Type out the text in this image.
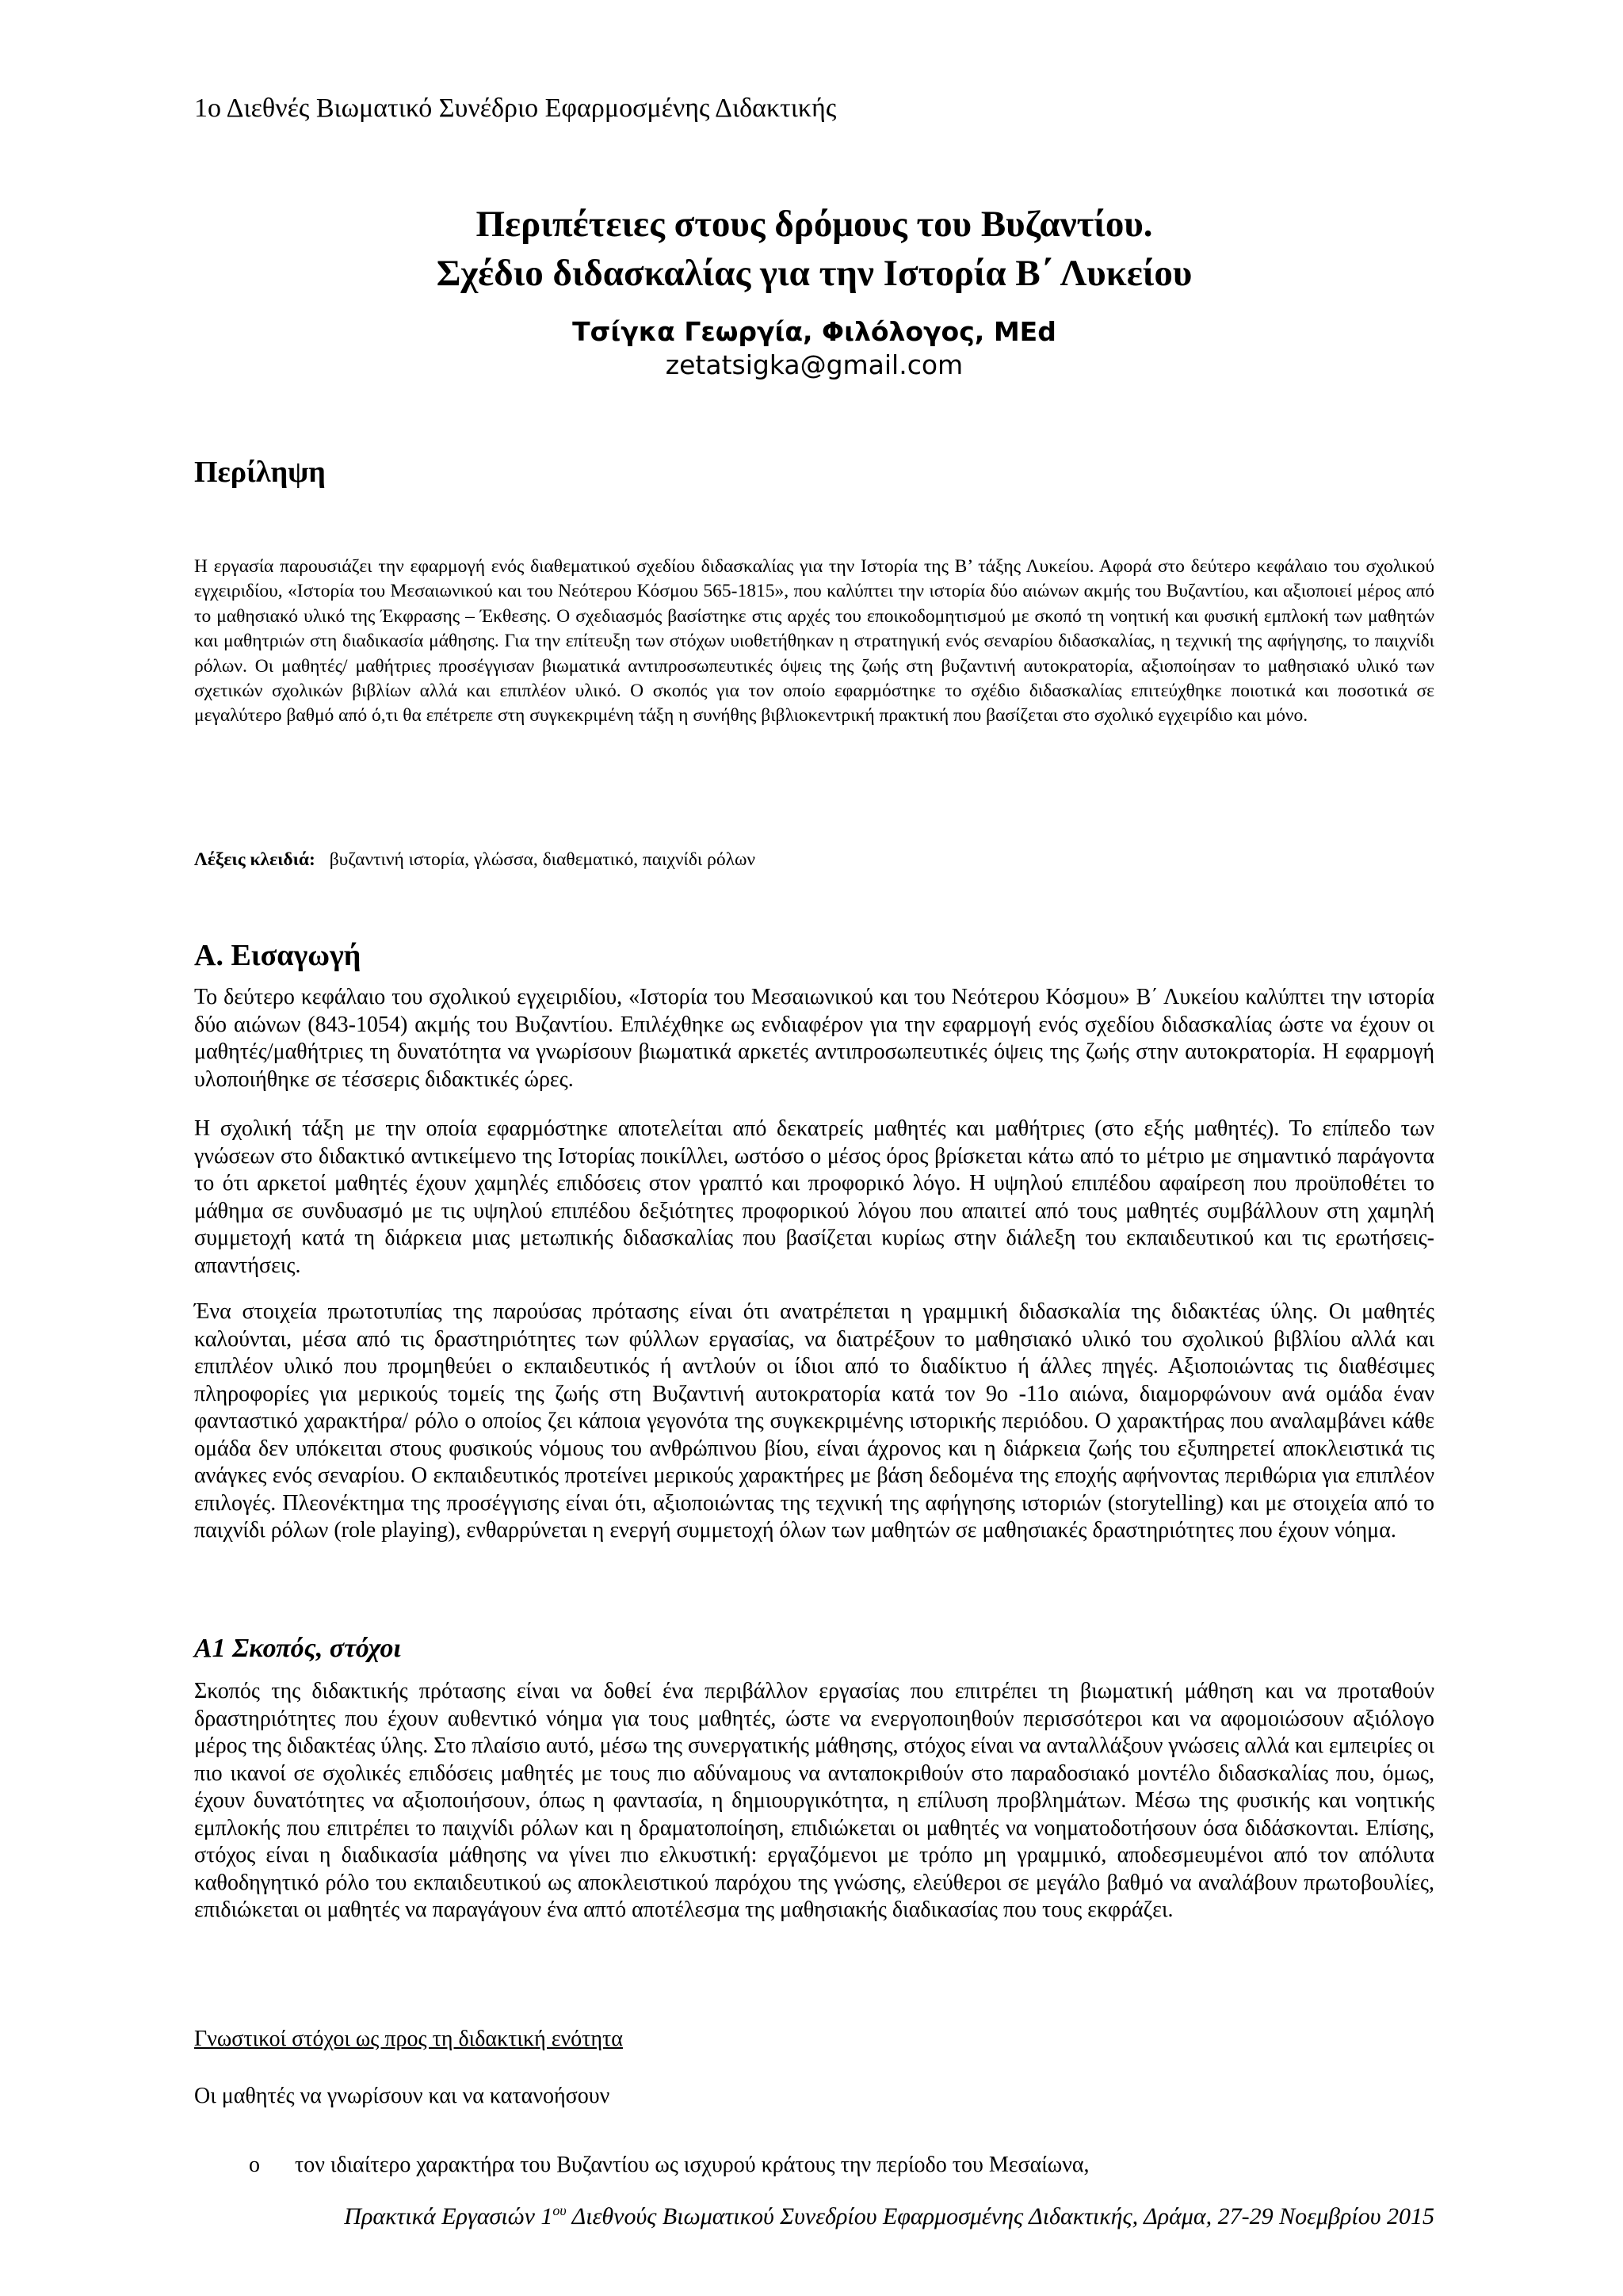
1ο Διεθνές Βιωματικό Συνέδριο Εφαρμοσμένης Διδακτικής
Περιπέτειες στους δρόμους του Βυζαντίου.
Σχέδιο διδασκαλίας για την Ιστορία Β΄ Λυκείου
Τσίγκα Γεωργία, Φιλόλογος, MEd
zetatsigka@gmail.com
Περίληψη

Η εργασία παρουσιάζει την εφαρμογή ενός διαθεματικού σχεδίου διδασκαλίας για την Ιστορία της Β’ τάξης Λυκείου. Αφορά στο δεύτερο κεφάλαιο του σχολικού εγχειριδίου, «Ιστορία του Μεσαιωνικού και του Νεότερου Κόσμου 565-1815», που καλύπτει την ιστορία δύο αιώνων ακμής του Βυζαντίου, και αξιοποιεί μέρος από το μαθησιακό υλικό της Έκφρασης – Έκθεσης. Ο σχεδιασμός βασίστηκε στις αρχές του εποικοδομητισμού με σκοπό τη νοητική και φυσική εμπλοκή των μαθητών και μαθητριών στη διαδικασία μάθησης. Για την επίτευξη των στόχων υιοθετήθηκαν η στρατηγική ενός σεναρίου διδασκαλίας, η τεχνική της αφήγησης, το παιχνίδι ρόλων. Οι μαθητές/ μαθήτριες προσέγγισαν βιωματικά αντιπροσωπευτικές όψεις της ζωής στη βυζαντινή αυτοκρατορία, αξιοποίησαν το μαθησιακό υλικό των σχετικών σχολικών βιβλίων αλλά και επιπλέον υλικό. Ο σκοπός για τον οποίο εφαρμόστηκε το σχέδιο διδασκαλίας επιτεύχθηκε ποιοτικά και ποσοτικά σε μεγαλύτερο βαθμό από ό,τι θα επέτρεπε στη συγκεκριμένη τάξη η συνήθης βιβλιοκεντρική πρακτική που βασίζεται στο σχολικό εγχειρίδιο και μόνο.

Λέξεις κλειδιά: βυζαντινή ιστορία, γλώσσα, διαθεματικό, παιχνίδι ρόλων
Α. Εισαγωγή

Το δεύτερο κεφάλαιο του σχολικού εγχειριδίου, «Ιστορία του Μεσαιωνικού και του Νεότερου Κόσμου» Β΄ Λυκείου καλύπτει την ιστορία δύο αιώνων (843-1054) ακμής του Βυζαντίου. Επιλέχθηκε ως ενδιαφέρον για την εφαρμογή ενός σχεδίου διδασκαλίας ώστε να έχουν οι μαθητές/μαθήτριες τη δυνατότητα να γνωρίσουν βιωματικά αρκετές αντιπροσωπευτικές όψεις της ζωής στην αυτοκρατορία. Η εφαρμογή υλοποιήθηκε σε τέσσερις διδακτικές ώρες.

Η σχολική τάξη με την οποία εφαρμόστηκε αποτελείται από δεκατρείς μαθητές και μαθήτριες (στο εξής μαθητές). Το επίπεδο των γνώσεων στο διδακτικό αντικείμενο της Ιστορίας ποικίλλει, ωστόσο ο μέσος όρος βρίσκεται κάτω από το μέτριο με σημαντικό παράγοντα το ότι αρκετοί μαθητές έχουν χαμηλές επιδόσεις στον γραπτό και προφορικό λόγο. Η υψηλού επιπέδου αφαίρεση που προϋποθέτει το μάθημα σε συνδυασμό με τις υψηλού επιπέδου δεξιότητες προφορικού λόγου που απαιτεί από τους μαθητές συμβάλλουν στη χαμηλή συμμετοχή κατά τη διάρκεια μιας μετωπικής διδασκαλίας που βασίζεται κυρίως στην διάλεξη του εκπαιδευτικού και τις ερωτήσεις-απαντήσεις.

Ένα στοιχεία πρωτοτυπίας της παρούσας πρότασης είναι ότι ανατρέπεται η γραμμική διδασκαλία της διδακτέας ύλης. Οι μαθητές καλούνται, μέσα από τις δραστηριότητες των φύλλων εργασίας, να διατρέξουν το μαθησιακό υλικό του σχολικού βιβλίου αλλά και επιπλέον υλικό που προμηθεύει ο εκπαιδευτικός ή αντλούν οι ίδιοι από το διαδίκτυο ή άλλες πηγές. Αξιοποιώντας τις διαθέσιμες πληροφορίες για μερικούς τομείς της ζωής στη Βυζαντινή αυτοκρατορία κατά τον 9ο -11ο αιώνα, διαμορφώνουν ανά ομάδα έναν φανταστικό χαρακτήρα/ ρόλο ο οποίος ζει κάποια γεγονότα της συγκεκριμένης ιστορικής περιόδου. Ο χαρακτήρας που αναλαμβάνει κάθε ομάδα δεν υπόκειται στους φυσικούς νόμους του ανθρώπινου βίου, είναι άχρονος και η διάρκεια ζωής του εξυπηρετεί αποκλειστικά τις ανάγκες ενός σεναρίου. Ο εκπαιδευτικός προτείνει μερικούς χαρακτήρες με βάση δεδομένα της εποχής αφήνοντας περιθώρια για επιπλέον επιλογές. Πλεονέκτημα της προσέγγισης είναι ότι, αξιοποιώντας της τεχνική της αφήγησης ιστοριών (storytelling) και με στοιχεία από το παιχνίδι ρόλων (role playing), ενθαρρύνεται η ενεργή συμμετοχή όλων των μαθητών σε μαθησιακές δραστηριότητες που έχουν νόημα.

Α1 Σκοπός, στόχοι

Σκοπός της διδακτικής πρότασης είναι να δοθεί ένα περιβάλλον εργασίας που επιτρέπει τη βιωματική μάθηση και να προταθούν δραστηριότητες που έχουν αυθεντικό νόημα για τους μαθητές, ώστε να ενεργοποιηθούν περισσότεροι και να αφομοιώσουν αξιόλογο μέρος της διδακτέας ύλης. Στο πλαίσιο αυτό, μέσω της συνεργατικής μάθησης, στόχος είναι να ανταλλάξουν γνώσεις αλλά και εμπειρίες οι πιο ικανοί σε σχολικές επιδόσεις μαθητές με τους πιο αδύναμους να ανταποκριθούν στο παραδοσιακό μοντέλο διδασκαλίας που, όμως, έχουν δυνατότητες να αξιοποιήσουν, όπως η φαντασία, η δημιουργικότητα, η επίλυση προβλημάτων. Μέσω της φυσικής και νοητικής εμπλοκής που επιτρέπει το παιχνίδι ρόλων και η δραματοποίηση, επιδιώκεται οι μαθητές να νοηματοδοτήσουν όσα διδάσκονται. Επίσης, στόχος είναι η διαδικασία μάθησης να γίνει πιο ελκυστική: εργαζόμενοι με τρόπο μη γραμμικό, αποδεσμευμένοι από τον απόλυτα καθοδηγητικό ρόλο του εκπαιδευτικού ως αποκλειστικού παρόχου της γνώσης, ελεύθεροι σε μεγάλο βαθμό να αναλάβουν πρωτοβουλίες, επιδιώκεται οι μαθητές να παραγάγουν ένα απτό αποτέλεσμα της μαθησιακής διαδικασίας που τους εκφράζει.

Γνωστικοί στόχοι ως προς τη διδακτική ενότητα

Οι μαθητές να γνωρίσουν και να κατανοήσουν

o τον ιδιαίτερο χαρακτήρα του Βυζαντίου ως ισχυρού κράτους την περίοδο του Μεσαίωνα,
Πρακτικά Εργασιών $1^{o\upsilon}$ Διεθνούς Βιωματικού Συνεδρίου Εφαρμοσμένης Διδακτικής, Δράμα, 27-29 Νοεμβρίου 2015
